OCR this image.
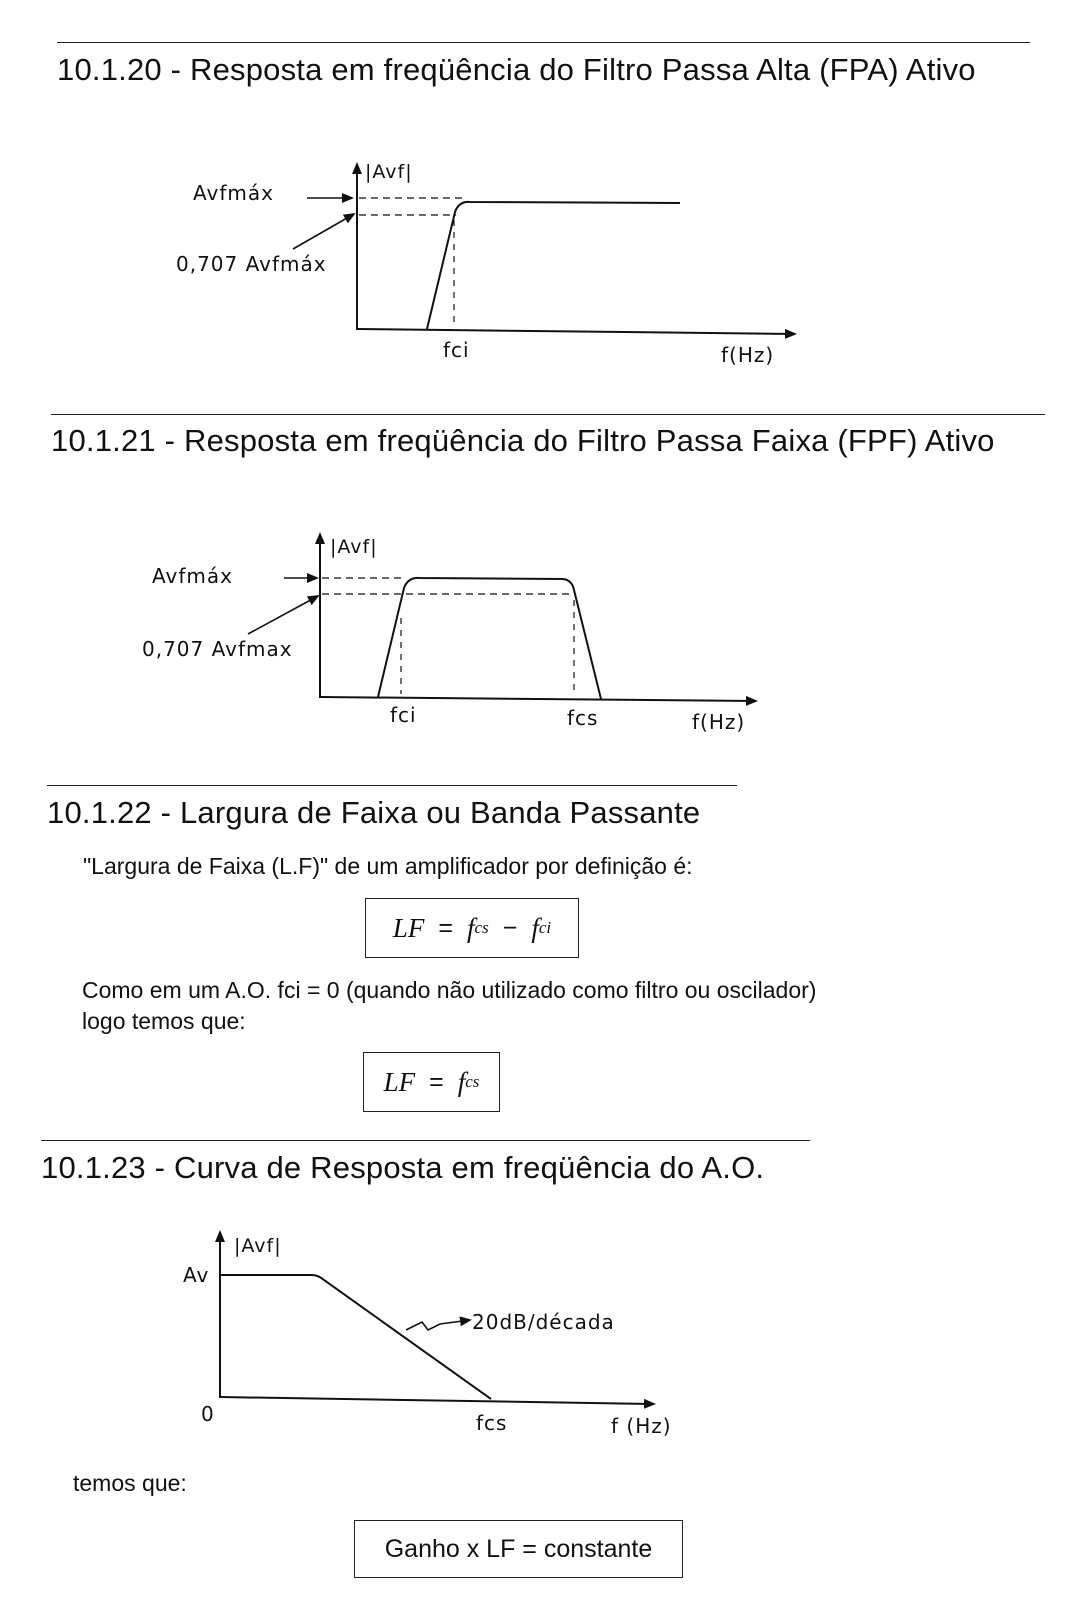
10.1.20 - Resposta em freqüência do Filtro Passa Alta (FPA) Ativo
|Avf|
Avfmáx
0,707 Avfmáx
fci	f(Hz)
10.1.21 - Resposta em freqüência do Filtro Passa Faixa (FPF) Ativo
|Avf|
Avfmáx
0,707 Avfmax
fci	fcs	f(Hz)
10.1.22 - Largura de Faixa ou Banda Passante
"Largura de Faixa (L.F)" de um amplificador por definição é:
LF = f cs − f ci
Como em um A.O. fci = 0 (quando não utilizado como filtro ou oscilador)
logo temos que:
LF = f cs
10.1.23 - Curva de Resposta em freqüência do A.O.
|Avf|
Av
0
20dB/década
fcs	f (Hz)
temos que:
Ganho x LF = constante
